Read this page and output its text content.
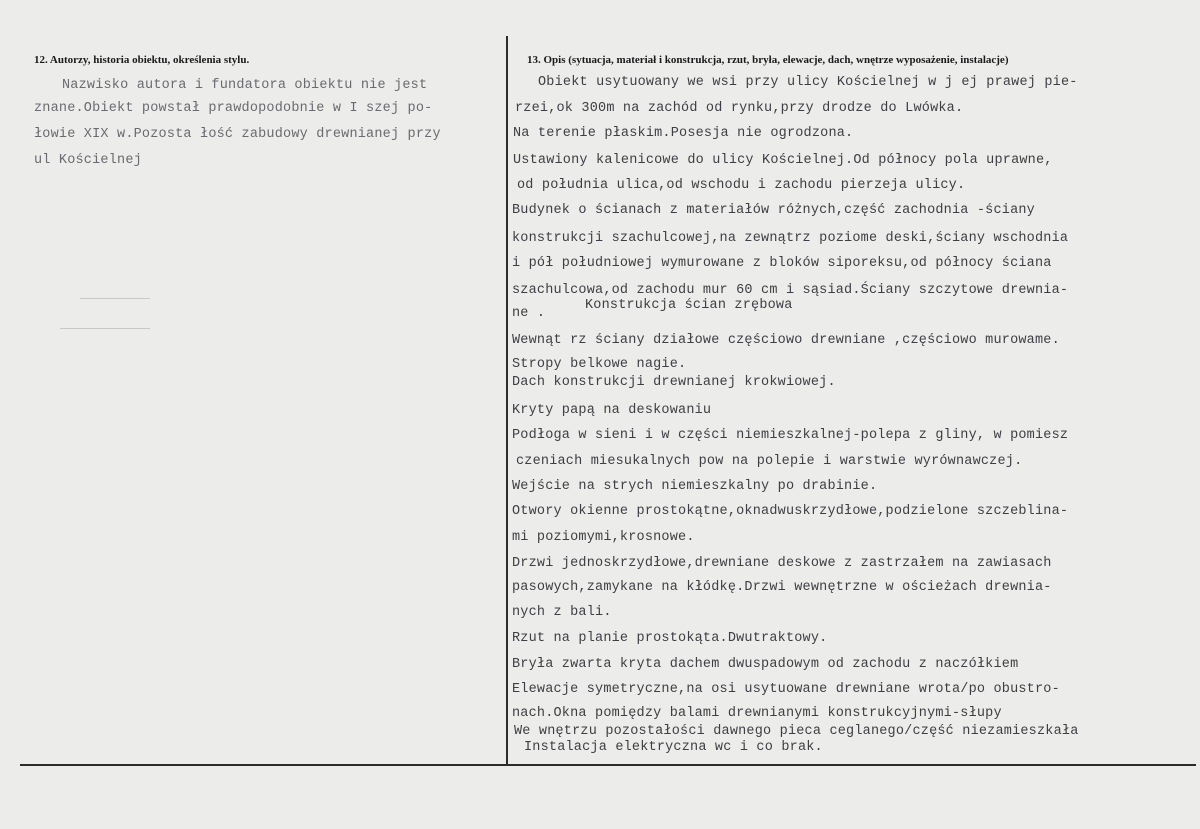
12. Autorzy, historia obiektu, określenia stylu.
Nazwisko autora i fundatora obiektu nie jest
znane.Obiekt powstał prawdopodobnie w I szej po-
łowie XIX w.Pozosta łość zabudowy drewnianej przy
ul Kościelnej
13. Opis (sytuacja, materiał i konstrukcja, rzut, bryła, elewacje, dach, wnętrze wyposażenie, instalacje)
Obiekt usytuowany we wsi przy ulicy Kościelnej w j ej prawej pie-
rzei,ok 300m na zachód od rynku,przy drodze do Lwówka.
Na terenie płaskim.Posesja nie ogrodzona.
Ustawiony kalenicowe do ulicy Kościelnej.Od północy pola uprawne,
od południa ulica,od wschodu i zachodu pierzeja ulicy.
Budynek o ścianach z materiałów różnych,część zachodnia -ściany
konstrukcji szachulcowej,na zewnątrz poziome deski,ściany wschodnia
i pół południowej wymurowane z bloków siporeksu,od północy ściana
szachulcowa,od zachodu mur 60 cm i sąsiad.Ściany szczytowe drewnia-
Konstrukcja ścian zrębowa
ne .
Wewnąt rz ściany działowe częściowo drewniane ,częściowo murowame.
Stropy belkowe nagie.
Dach konstrukcji drewnianej krokwiowej.
Kryty papą na deskowaniu
Podłoga w sieni i w części niemieszkalnej-polepa z gliny, w pomiesz
czeniach miesukalnych pow na polepie i warstwie wyrównawczej.
Wejście na strych niemieszkalny po drabinie.
Otwory okienne prostokątne,oknadwuskrzydłowe,podzielone szczeblina-
mi poziomymi,krosnowe.
Drzwi jednoskrzydłowe,drewniane deskowe z zastrzałem na zawiasach
pasowych,zamykane na kłódkę.Drzwi wewnętrzne w ościeżach drewnia-
nych z bali.
Rzut na planie prostokąta.Dwutraktowy.
Bryła zwarta kryta dachem dwuspadowym od zachodu z naczółkiem
Elewacje symetryczne,na osi usytuowane drewniane wrota/po obustro-
nach.Okna pomiędzy balami drewnianymi konstrukcyjnymi-słupy
We wnętrzu pozostałości dawnego pieca ceglanego/część niezamieszkała
Instalacja elektryczna wc i co brak.
